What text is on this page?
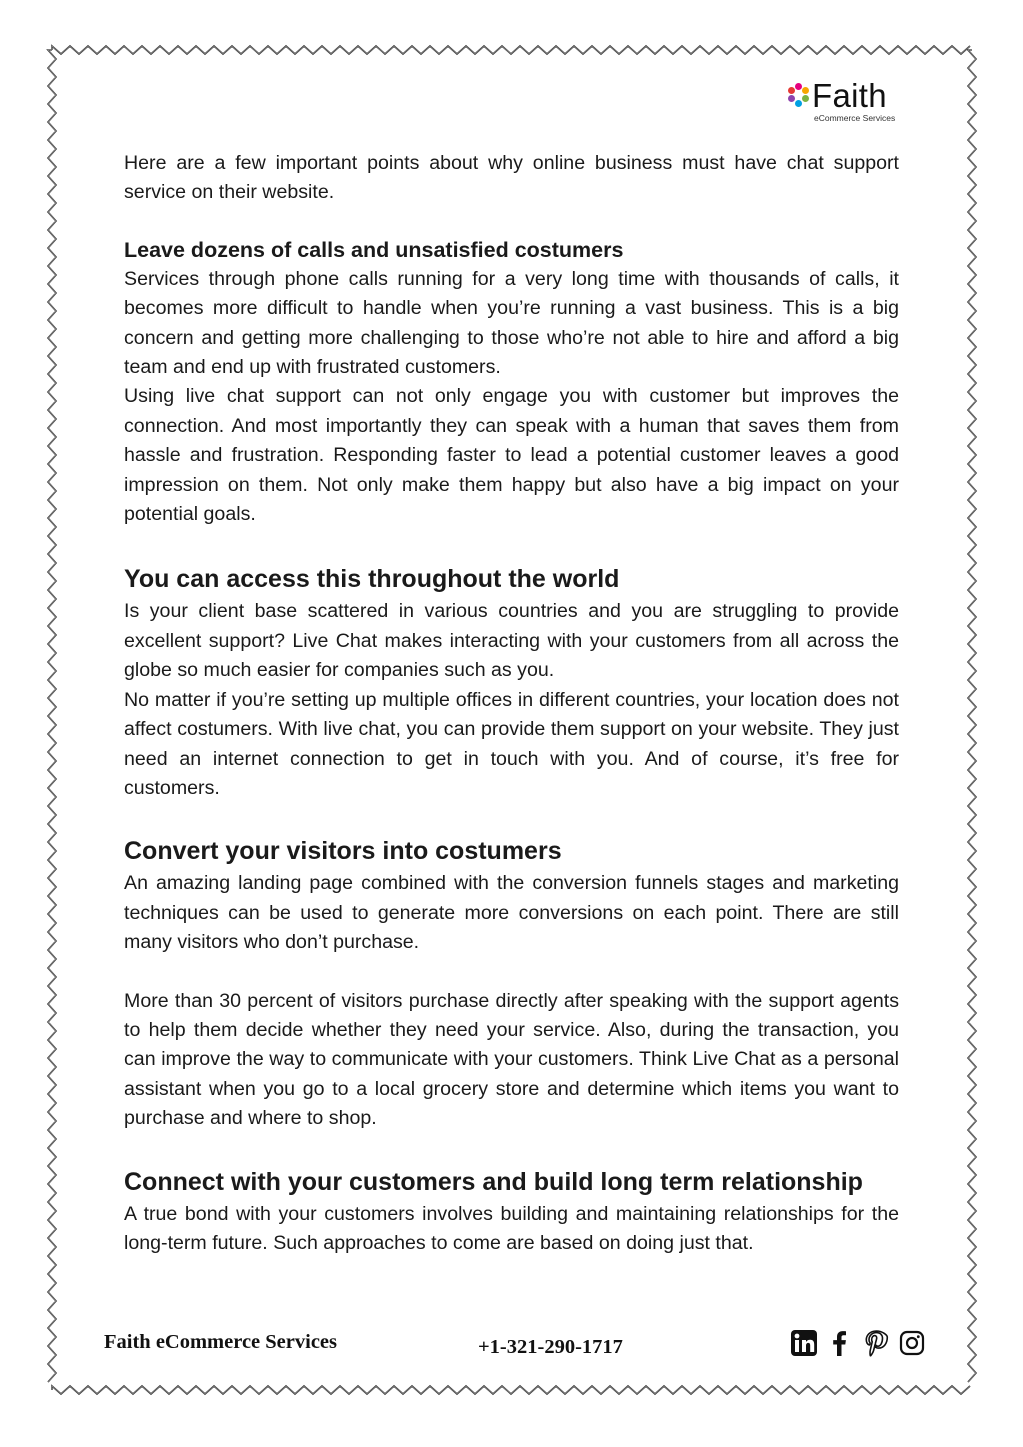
Faith
eCommerce Services

Here are a few important points about why online business must have chat support service on their website.

Leave dozens of calls and unsatisfied costumers

Services through phone calls running for a very long time with thousands of calls, it becomes more difficult to handle when you’re running a vast business. This is a big concern and getting more challenging to those who’re not able to hire and afford a big team and end up with frustrated customers.

Using live chat support can not only engage you with customer but improves the connection. And most importantly they can speak with a human that saves them from hassle and frustration. Responding faster to lead a potential customer leaves a good impression on them. Not only make them happy but also have a big impact on your potential goals.

You can access this throughout the world

Is your client base scattered in various countries and you are struggling to provide excellent support? Live Chat makes interacting with your customers from all across the globe so much easier for companies such as you.

No matter if you’re setting up multiple offices in different countries, your location does not affect costumers. With live chat, you can provide them support on your website. They just need an internet connection to get in touch with you. And of course, it’s free for customers.

Convert your visitors into costumers

An amazing landing page combined with the conversion funnels stages and marketing techniques can be used to generate more conversions on each point. There are still many visitors who don’t purchase.

More than 30 percent of visitors purchase directly after speaking with the support agents to help them decide whether they need your service. Also, during the transaction, you can improve the way to communicate with your customers. Think Live Chat as a personal assistant when you go to a local grocery store and determine which items you want to purchase and where to shop.

Connect with your customers and build long term relationship

A true bond with your customers involves building and maintaining relationships for the long-term future. Such approaches to come are based on doing just that.

Faith eCommerce Services	+1-321-290-1717
